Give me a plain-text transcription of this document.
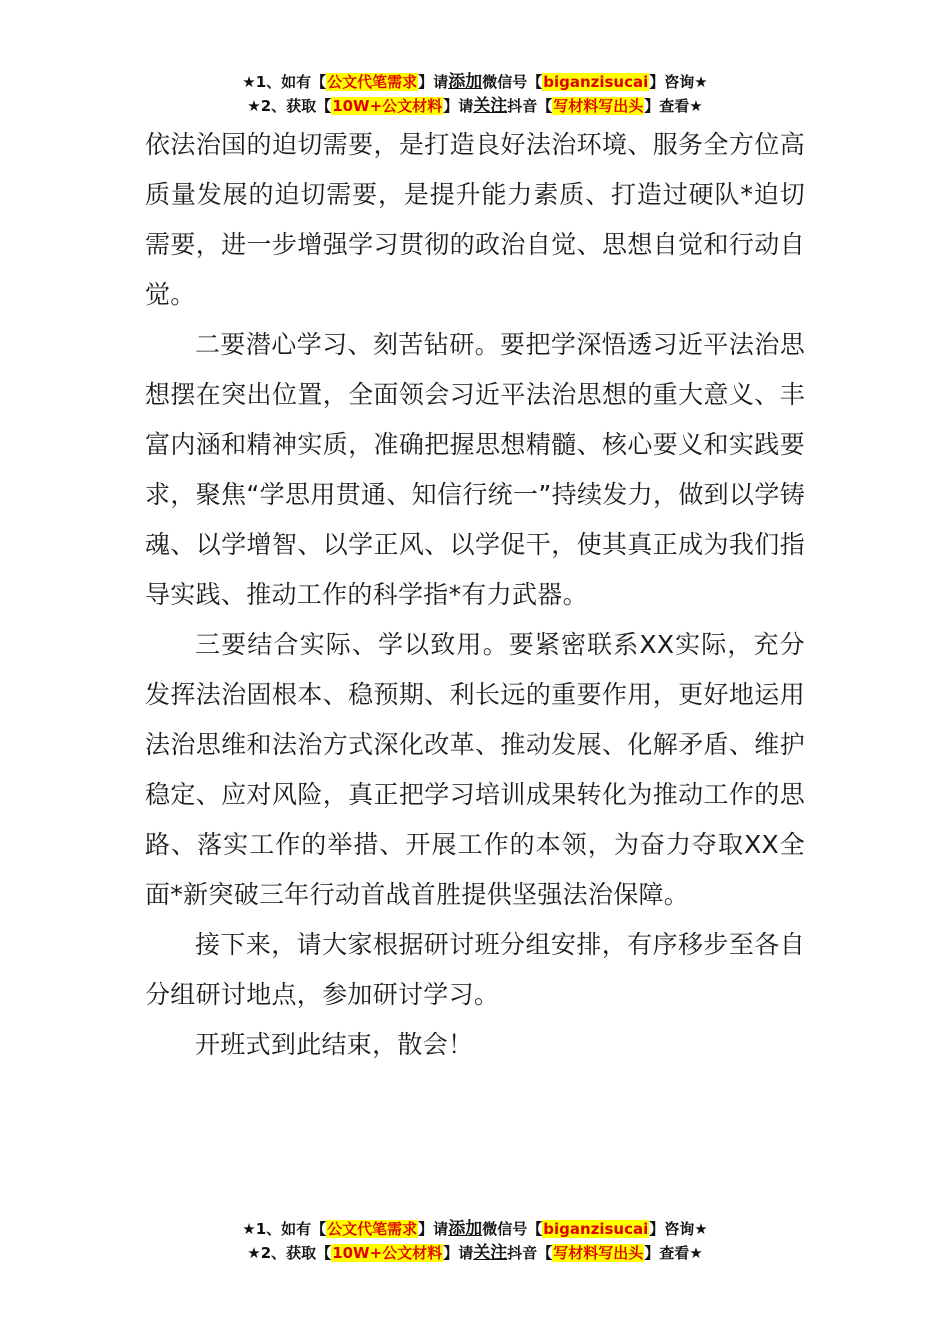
★1、如有【公文代笔需求】请添加微信号【biganzisucai】咨询★
★2、获取【10W+公文材料】请关注抖音【写材料写出头】查看★

依法治国的迫切需要，是打造良好法治环境、服务全方位高质量发展的迫切需要，是提升能力素质、打造过硬队*迫切需要，进一步增强学习贯彻的政治自觉、思想自觉和行动自觉。

二要潜心学习、刻苦钻研。要把学深悟透习近平法治思想摆在突出位置，全面领会习近平法治思想的重大意义、丰富内涵和精神实质，准确把握思想精髓、核心要义和实践要求，聚焦“学思用贯通、知信行统一”持续发力，做到以学铸魂、以学增智、以学正风、以学促干，使其真正成为我们指导实践、推动工作的科学指*有力武器。

三要结合实际、学以致用。要紧密联系XX实际，充分发挥法治固根本、稳预期、利长远的重要作用，更好地运用法治思维和法治方式深化改革、推动发展、化解矛盾、维护稳定、应对风险，真正把学习培训成果转化为推动工作的思路、落实工作的举措、开展工作的本领，为奋力夺取XX全面*新突破三年行动首战首胜提供坚强法治保障。

接下来，请大家根据研讨班分组安排，有序移步至各自分组研讨地点，参加研讨学习。

开班式到此结束，散会！

★1、如有【公文代笔需求】请添加微信号【biganzisucai】咨询★
★2、获取【10W+公文材料】请关注抖音【写材料写出头】查看★
